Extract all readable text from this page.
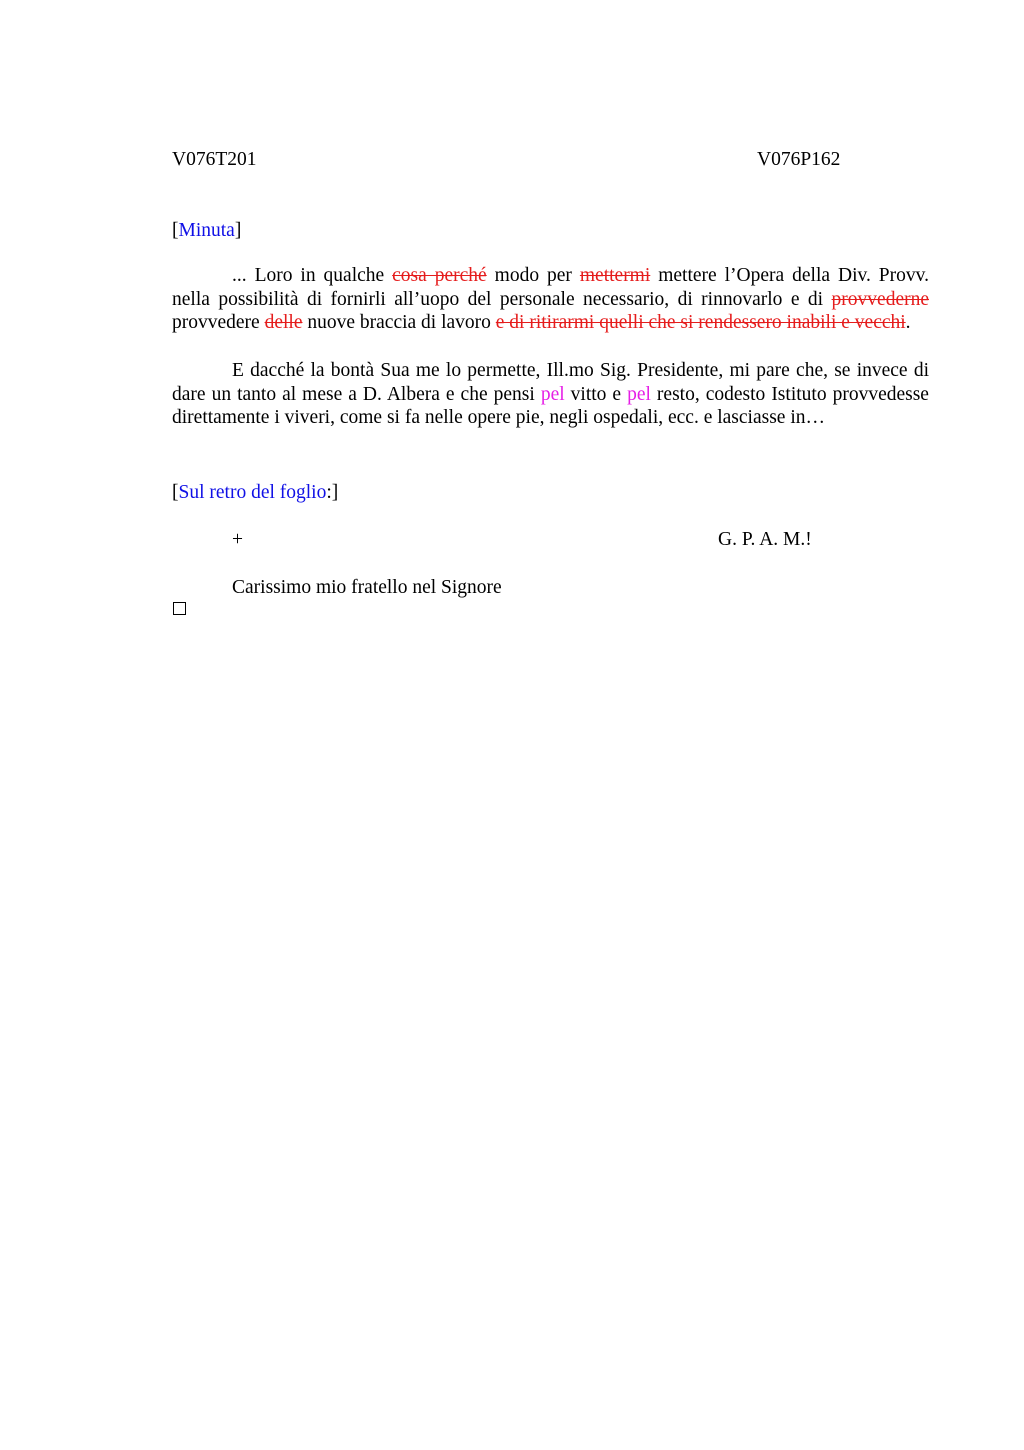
V076T201	V076P162
[Minuta]
... Loro in qualche cosa perché modo per mettermi mettere l’Opera della Div. Provv. nella possibilità di fornirli all’uopo del personale necessario, di rinnovarlo e di provvederne provvedere delle nuove braccia di lavoro e di ritirarmi quelli che si rendessero inabili e vecchi.
E dacché la bontà Sua me lo permette, Ill.mo Sig. Presidente, mi pare che, se invece di dare un tanto al mese a D. Albera e che pensi pel vitto e pel resto, codesto Istituto provvedesse direttamente i viveri, come si fa nelle opere pie, negli ospedali, ecc. e lasciasse in…
[Sul retro del foglio:]
+	G. P. A. M.!
Carissimo mio fratello nel Signore
